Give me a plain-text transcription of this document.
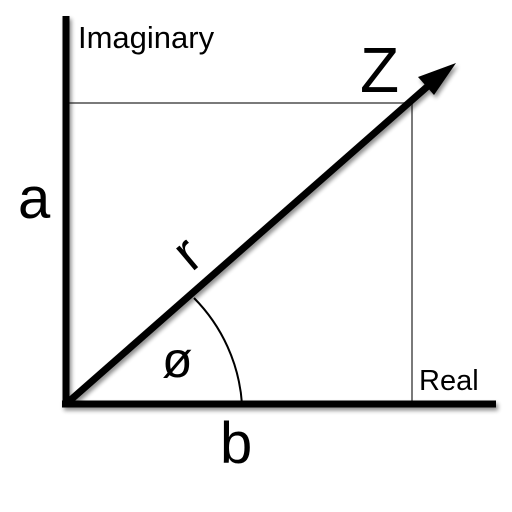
Imaginary
Real
Z
a
b
r
ø
